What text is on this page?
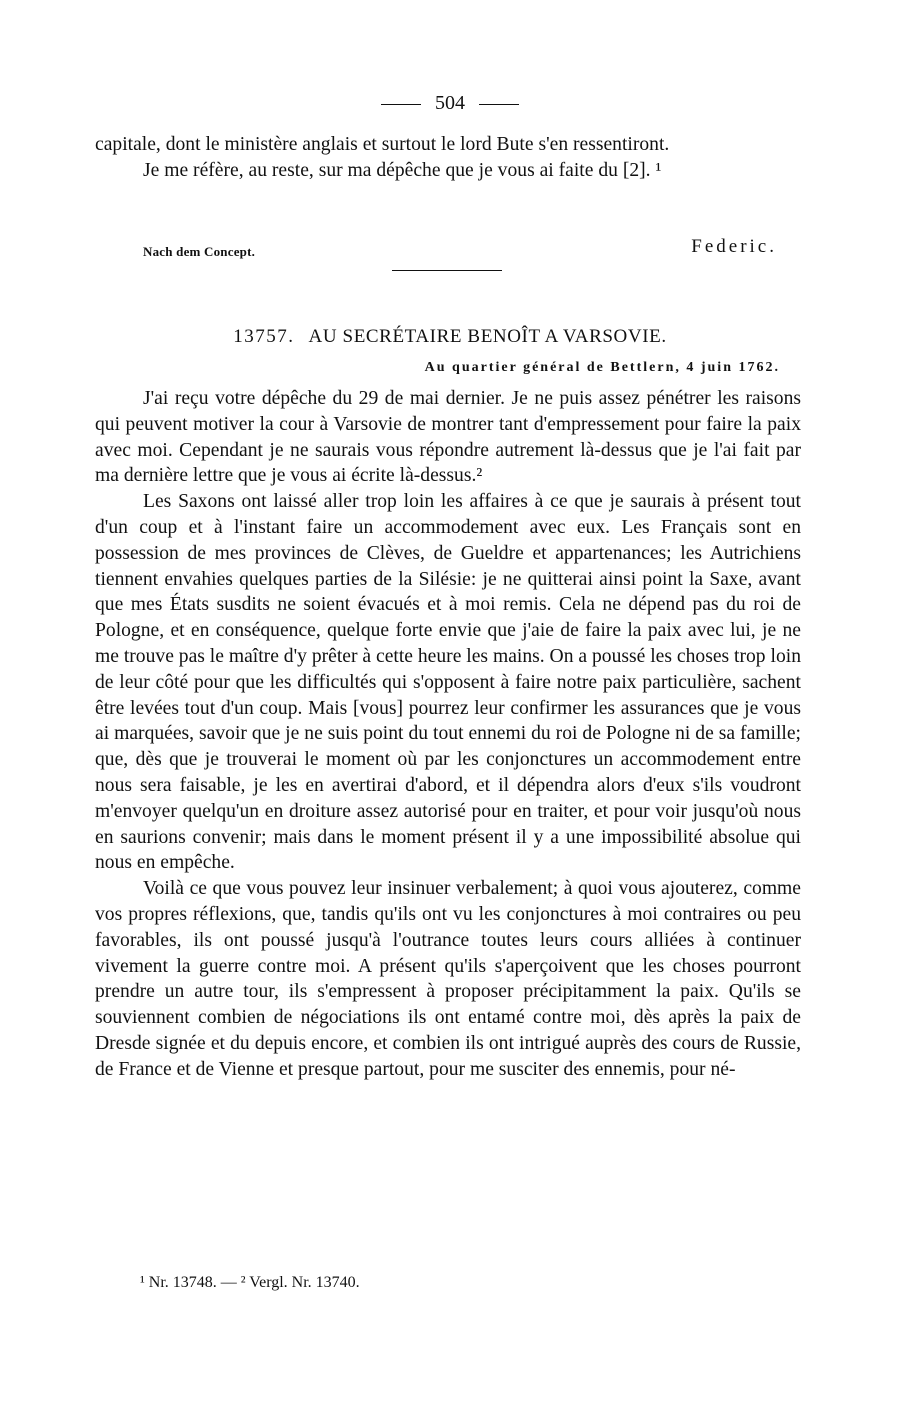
504

capitale, dont le ministère anglais et surtout le lord Bute s'en ressentiront.

Je me réfère, au reste, sur ma dépêche que je vous ai faite du [2]. ¹

Nach dem Concept.	Federic.
13757. AU SECRÉTAIRE BENOÎT A VARSOVIE.
Au quartier général de Bettlern, 4 juin 1762.

J'ai reçu votre dépêche du 29 de mai dernier. Je ne puis assez pénétrer les raisons qui peuvent motiver la cour à Varsovie de montrer tant d'empressement pour faire la paix avec moi. Cependant je ne saurais vous répondre autrement là-dessus que je l'ai fait par ma dernière lettre que je vous ai écrite là-dessus.²

Les Saxons ont laissé aller trop loin les affaires à ce que je saurais à présent tout d'un coup et à l'instant faire un accommodement avec eux. Les Français sont en possession de mes provinces de Clèves, de Gueldre et appartenances; les Autrichiens tiennent envahies quelques parties de la Silésie: je ne quitterai ainsi point la Saxe, avant que mes États susdits ne soient évacués et à moi remis. Cela ne dépend pas du roi de Pologne, et en conséquence, quelque forte envie que j'aie de faire la paix avec lui, je ne me trouve pas le maître d'y prêter à cette heure les mains. On a poussé les choses trop loin de leur côté pour que les difficultés qui s'opposent à faire notre paix particulière, sachent être levées tout d'un coup. Mais [vous] pourrez leur confirmer les assurances que je vous ai marquées, savoir que je ne suis point du tout ennemi du roi de Pologne ni de sa famille; que, dès que je trouverai le moment où par les conjonctures un accommodement entre nous sera faisable, je les en avertirai d'abord, et il dépendra alors d'eux s'ils voudront m'envoyer quelqu'un en droiture assez autorisé pour en traiter, et pour voir jusqu'où nous en saurions convenir; mais dans le moment présent il y a une impossibilité absolue qui nous en empêche.

Voilà ce que vous pouvez leur insinuer verbalement; à quoi vous ajouterez, comme vos propres réflexions, que, tandis qu'ils ont vu les conjonctures à moi contraires ou peu favorables, ils ont poussé jusqu'à l'outrance toutes leurs cours alliées à continuer vivement la guerre contre moi. A présent qu'ils s'aperçoivent que les choses pourront prendre un autre tour, ils s'empressent à proposer précipitamment la paix. Qu'ils se souviennent combien de négociations ils ont entamé contre moi, dès après la paix de Dresde signée et du depuis encore, et combien ils ont intrigué auprès des cours de Russie, de France et de Vienne et presque partout, pour me susciter des ennemis, pour né-

¹ Nr. 13748. — ² Vergl. Nr. 13740.
